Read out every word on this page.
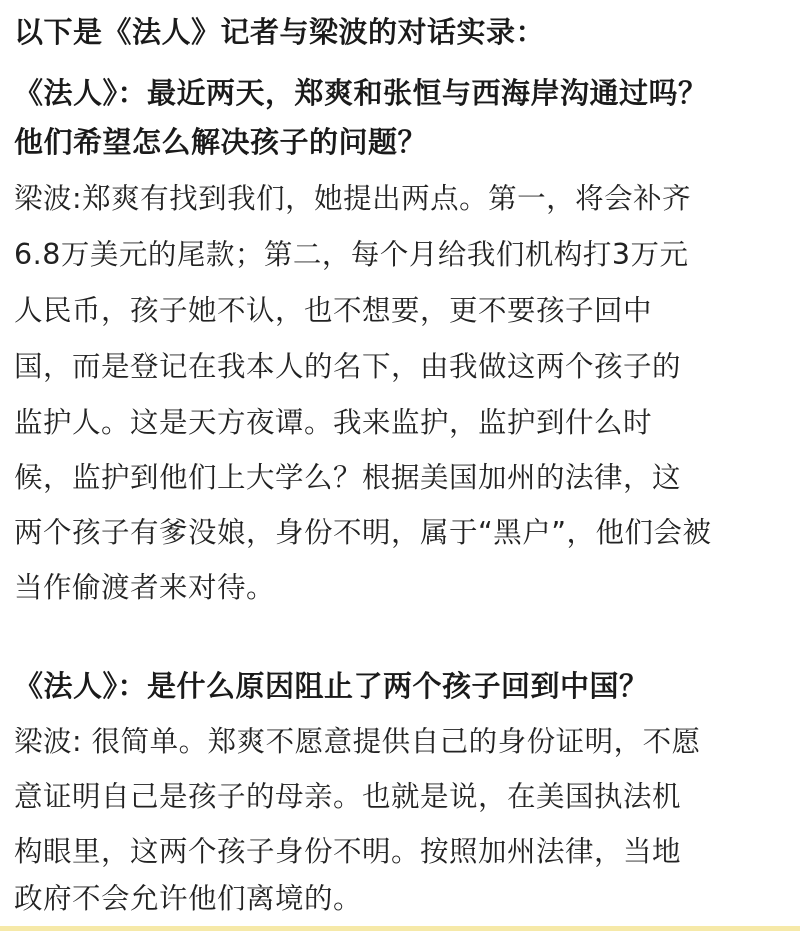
以下是《法人》记者与梁波的对话实录：
《法人》：最近两天，郑爽和张恒与西海岸沟通过吗？
他们希望怎么解决孩子的问题？
梁波:郑爽有找到我们，她提出两点。第一，将会补齐
6.8万美元的尾款；第二，每个月给我们机构打3万元
人民币，孩子她不认，也不想要，更不要孩子回中
国，而是登记在我本人的名下，由我做这两个孩子的
监护人。这是天方夜谭。我来监护，监护到什么时
候，监护到他们上大学么？根据美国加州的法律，这
两个孩子有爹没娘，身份不明，属于“黑户”，他们会被
当作偷渡者来对待。
《法人》：是什么原因阻止了两个孩子回到中国？
梁波: 很简单。郑爽不愿意提供自己的身份证明，不愿
意证明自己是孩子的母亲。也就是说，在美国执法机
构眼里，这两个孩子身份不明。按照加州法律，当地
政府不会允许他们离境的。
